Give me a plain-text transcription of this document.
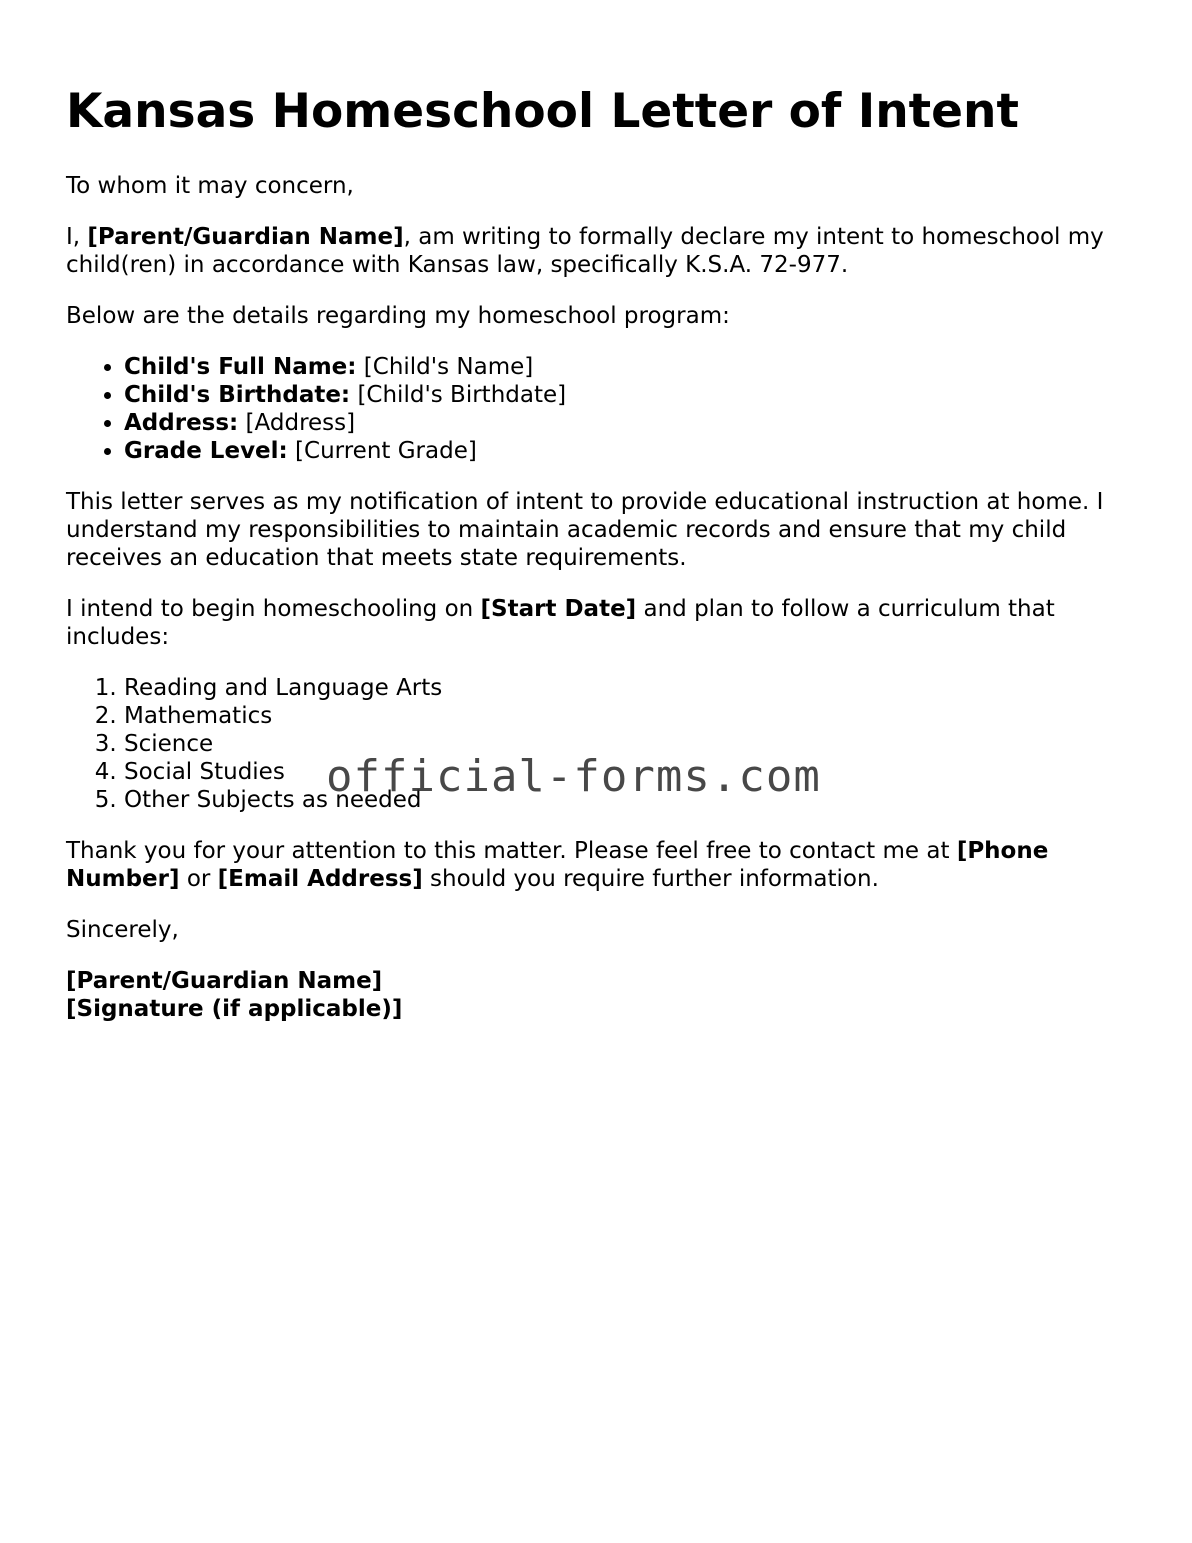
Kansas Homeschool Letter of Intent

To whom it may concern,

I, [Parent/Guardian Name], am writing to formally declare my intent to homeschool my child(ren) in accordance with Kansas law, specifically K.S.A. 72-977.

Below are the details regarding my homeschool program:

• Child's Full Name: [Child's Name]
• Child's Birthdate: [Child's Birthdate]
• Address: [Address]
• Grade Level: [Current Grade]

This letter serves as my notification of intent to provide educational instruction at home. I understand my responsibilities to maintain academic records and ensure that my child receives an education that meets state requirements.

I intend to begin homeschooling on [Start Date] and plan to follow a curriculum that includes:

1. Reading and Language Arts
2. Mathematics
3. Science
4. Social Studies
5. Other Subjects as needed

Thank you for your attention to this matter. Please feel free to contact me at [Phone Number] or [Email Address] should you require further information.

Sincerely,

[Parent/Guardian Name]

[Signature (if applicable)]

official-forms.com
